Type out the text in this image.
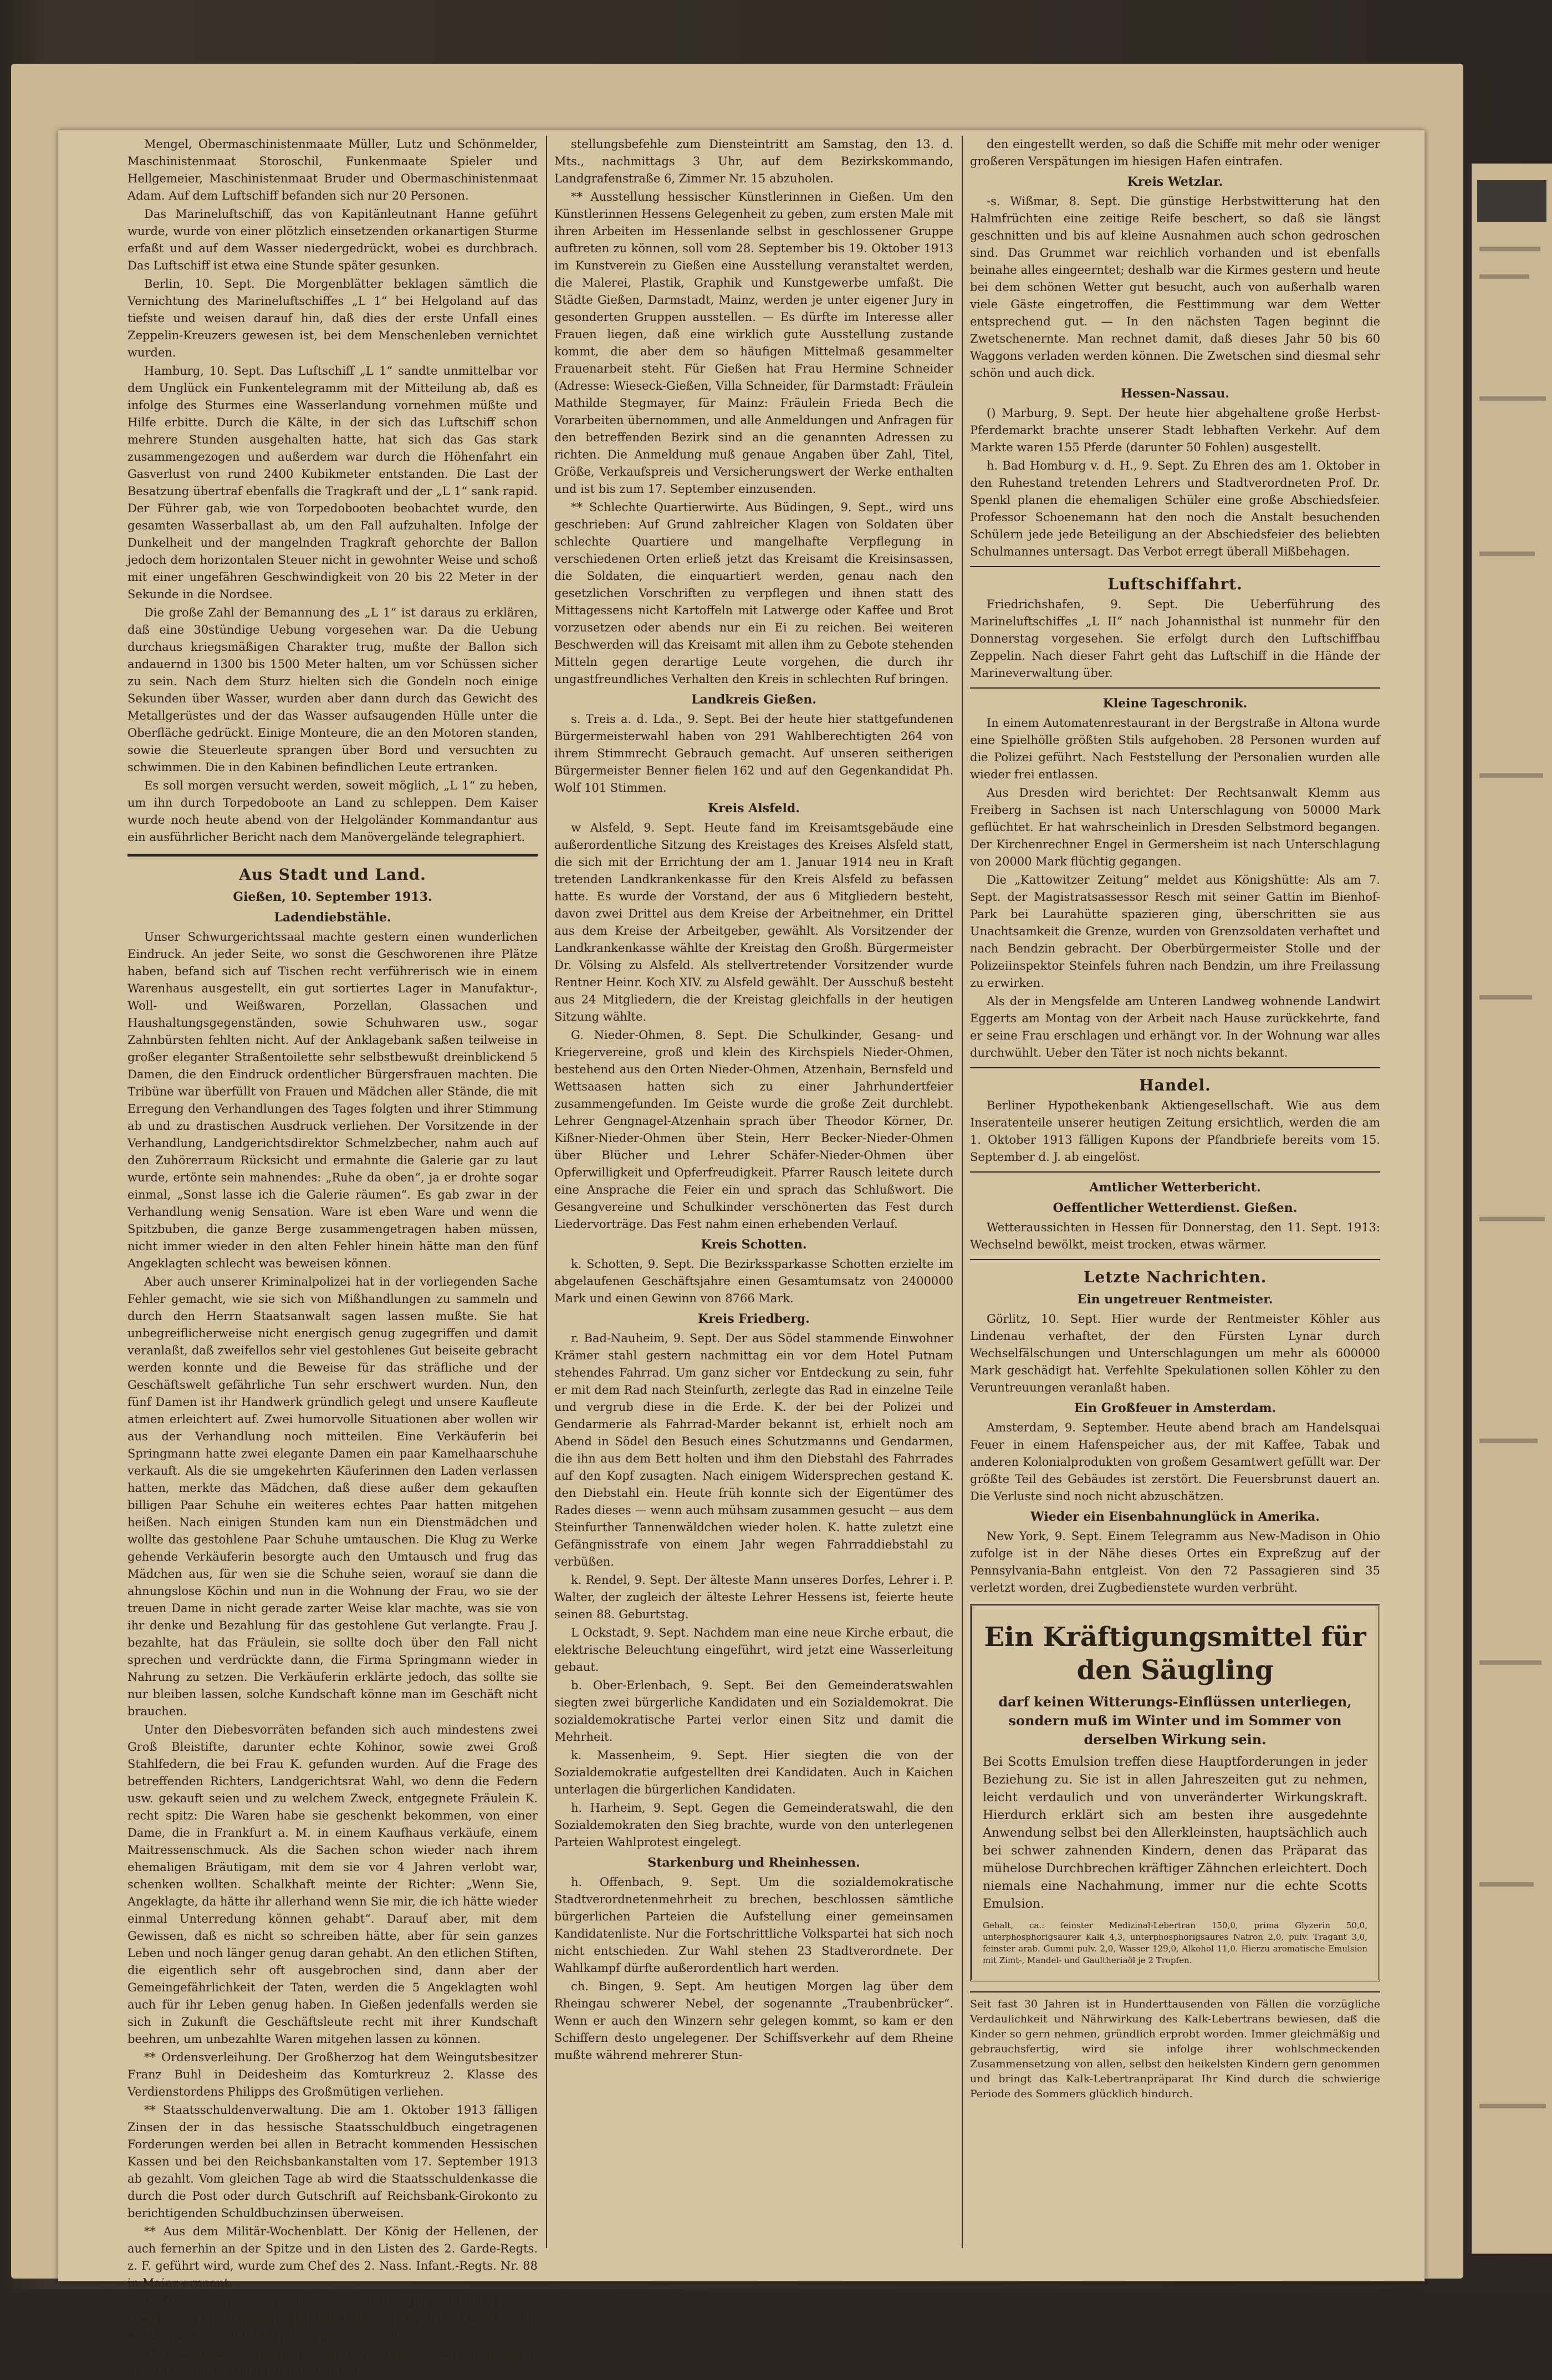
Mengel, Obermaschinistenmaate Müller, Lutz und Schönmelder, Maschinistenmaat Storoschil, Funkenmaate Spieler und Hellgemeier, Maschinistenmaat Bruder und Obermaschinistenmaat Adam. Auf dem Luftschiff befanden sich nur 20 Personen.

Das Marineluftschiff, das von Kapitänleutnant Hanne geführt wurde, wurde von einer plötzlich einsetzenden orkanartigen Sturme erfaßt und auf dem Wasser niedergedrückt, wobei es durchbrach. Das Luftschiff ist etwa eine Stunde später gesunken.

Berlin, 10. Sept. Die Morgenblätter beklagen sämtlich die Vernichtung des Marineluftschiffes „L 1“ bei Helgoland auf das tiefste und weisen darauf hin, daß dies der erste Unfall eines Zeppelin-Kreuzers gewesen ist, bei dem Menschenleben vernichtet wurden.

Hamburg, 10. Sept. Das Luftschiff „L 1“ sandte unmittelbar vor dem Unglück ein Funkentelegramm mit der Mitteilung ab, daß es infolge des Sturmes eine Wasserlandung vornehmen müßte und Hilfe erbitte. Durch die Kälte, in der sich das Luftschiff schon mehrere Stunden ausgehalten hatte, hat sich das Gas stark zusammengezogen und außerdem war durch die Höhenfahrt ein Gasverlust von rund 2400 Kubikmeter entstanden. Die Last der Besatzung übertraf ebenfalls die Tragkraft und der „L 1“ sank rapid. Der Führer gab, wie von Torpedobooten beobachtet wurde, den gesamten Wasserballast ab, um den Fall aufzuhalten. Infolge der Dunkelheit und der mangelnden Tragkraft gehorchte der Ballon jedoch dem horizontalen Steuer nicht in gewohnter Weise und schoß mit einer ungefähren Geschwindigkeit von 20 bis 22 Meter in der Sekunde in die Nordsee.

Die große Zahl der Bemannung des „L 1“ ist daraus zu erklären, daß eine 30stündige Uebung vorgesehen war. Da die Uebung durchaus kriegsmäßigen Charakter trug, mußte der Ballon sich andauernd in 1300 bis 1500 Meter halten, um vor Schüssen sicher zu sein. Nach dem Sturz hielten sich die Gondeln noch einige Sekunden über Wasser, wurden aber dann durch das Gewicht des Metallgerüstes und der das Wasser aufsaugenden Hülle unter die Oberfläche gedrückt. Einige Monteure, die an den Motoren standen, sowie die Steuerleute sprangen über Bord und versuchten zu schwimmen. Die in den Kabinen befindlichen Leute ertranken.

Es soll morgen versucht werden, soweit möglich, „L 1“ zu heben, um ihn durch Torpedoboote an Land zu schleppen. Dem Kaiser wurde noch heute abend von der Helgoländer Kommandantur aus ein ausführlicher Bericht nach dem Manövergelände telegraphiert.

Aus Stadt und Land.
Gießen, 10. September 1913.
Ladendiebstähle.

Unser Schwurgerichtssaal machte gestern einen wunderlichen Eindruck. An jeder Seite, wo sonst die Geschworenen ihre Plätze haben, befand sich auf Tischen recht verführerisch wie in einem Warenhaus ausgestellt, ein gut sortiertes Lager in Manufaktur-, Woll- und Weißwaren, Porzellan, Glassachen und Haushaltungsgegenständen, sowie Schuhwaren usw., sogar Zahnbürsten fehlten nicht. Auf der Anklagebank saßen teilweise in großer eleganter Straßentoilette sehr selbstbewußt dreinblickend 5 Damen, die den Eindruck ordentlicher Bürgersfrauen machten. Die Tribüne war überfüllt von Frauen und Mädchen aller Stände, die mit Erregung den Verhandlungen des Tages folgten und ihrer Stimmung ab und zu drastischen Ausdruck verliehen. Der Vorsitzende in der Verhandlung, Landgerichtsdirektor Schmelzbecher, nahm auch auf den Zuhörerraum Rücksicht und ermahnte die Galerie gar zu laut wurde, ertönte sein mahnendes: „Ruhe da oben“, ja er drohte sogar einmal, „Sonst lasse ich die Galerie räumen“. Es gab zwar in der Verhandlung wenig Sensation. Ware ist eben Ware und wenn die Spitzbuben, die ganze Berge zusammengetragen haben müssen, nicht immer wieder in den alten Fehler hinein hätte man den fünf Angeklagten schlecht was beweisen können.

Aber auch unserer Kriminalpolizei hat in der vorliegenden Sache Fehler gemacht, wie sie sich von Mißhandlungen zu sammeln und durch den Herrn Staatsanwalt sagen lassen mußte. Sie hat unbegreiflicherweise nicht energisch genug zugegriffen und damit veranlaßt, daß zweifellos sehr viel gestohlenes Gut beiseite gebracht werden konnte und die Beweise für das sträfliche und der Geschäftswelt gefährliche Tun sehr erschwert wurden. Nun, den fünf Damen ist ihr Handwerk gründlich gelegt und unsere Kaufleute atmen erleichtert auf. Zwei humorvolle Situationen aber wollen wir aus der Verhandlung noch mitteilen. Eine Verkäuferin bei Springmann hatte zwei elegante Damen ein paar Kamelhaarschuhe verkauft. Als die sie umgekehrten Käuferinnen den Laden verlassen hatten, merkte das Mädchen, daß diese außer dem gekauften billigen Paar Schuhe ein weiteres echtes Paar hatten mitgehen heißen. Nach einigen Stunden kam nun ein Dienstmädchen und wollte das gestohlene Paar Schuhe umtauschen. Die Klug zu Werke gehende Verkäuferin besorgte auch den Umtausch und frug das Mädchen aus, für wen sie die Schuhe seien, worauf sie dann die ahnungslose Köchin und nun in die Wohnung der Frau, wo sie der treuen Dame in nicht gerade zarter Weise klar machte, was sie von ihr denke und Bezahlung für das gestohlene Gut verlangte. Frau J. bezahlte, hat das Fräulein, sie sollte doch über den Fall nicht sprechen und verdrückte dann, die Firma Springmann wieder in Nahrung zu setzen. Die Verkäuferin erklärte jedoch, das sollte sie nur bleiben lassen, solche Kundschaft könne man im Geschäft nicht brauchen.

Unter den Diebesvorräten befanden sich auch mindestens zwei Groß Bleistifte, darunter echte Kohinor, sowie zwei Groß Stahlfedern, die bei Frau K. gefunden wurden. Auf die Frage des betreffenden Richters, Landgerichtsrat Wahl, wo denn die Federn usw. gekauft seien und zu welchem Zweck, entgegnete Fräulein K. recht spitz: Die Waren habe sie geschenkt bekommen, von einer Dame, die in Frankfurt a. M. in einem Kaufhaus verkäufe, einem Maitressenschmuck. Als die Sachen schon wieder nach ihrem ehemaligen Bräutigam, mit dem sie vor 4 Jahren verlobt war, schenken wollten. Schalkhaft meinte der Richter: „Wenn Sie, Angeklagte, da hätte ihr allerhand wenn Sie mir, die ich hätte wieder einmal Unterredung können gehabt“. Darauf aber, mit dem Gewissen, daß es nicht so schreiben hätte, aber für sein ganzes Leben und noch länger genug daran gehabt. An den etlichen Stiften, die eigentlich sehr oft ausgebrochen sind, dann aber der Gemeingefährlichkeit der Taten, werden die 5 Angeklagten wohl auch für ihr Leben genug haben. In Gießen jedenfalls werden sie sich in Zukunft die Geschäftsleute recht mit ihrer Kundschaft beehren, um unbezahlte Waren mitgehen lassen zu können.

** Ordensverleihung. Der Großherzog hat dem Weingutsbesitzer Franz Buhl in Deidesheim das Komturkreuz 2. Klasse des Verdienstordens Philipps des Großmütigen verliehen.

** Staatsschuldenverwaltung. Die am 1. Oktober 1913 fälligen Zinsen der in das hessische Staatsschuldbuch eingetragenen Forderungen werden bei allen in Betracht kommenden Hessischen Kassen und bei den Reichsbankanstalten vom 17. September 1913 ab gezahlt. Vom gleichen Tage ab wird die Staatsschuldenkasse die durch die Post oder durch Gutschrift auf Reichsbank-Girokonto zu berichtigenden Schuldbuchzinsen überweisen.

** Aus dem Militär-Wochenblatt. Der König der Hellenen, der auch fernerhin an der Spitze und in den Listen des 2. Garde-Regts. z. F. geführt wird, wurde zum Chef des 2. Nass. Infant.-Regts. Nr. 88 in Mainz ernannt.

** Die Kaisermanöver sollen im nächsten Jahre in der Provinz Oberhessen und den angrenzenden Gebieten abgehalten werden. Als Kaiserquartier soll Büdingen vorgesehen sein.

** Rekruteneinstellung. Die in der Stadt Gießen wohnenden Rekruten und Freiwilligen haben ihre Ge-

stellungsbefehle zum Diensteintritt am Samstag, den 13. d. Mts., nachmittags 3 Uhr, auf dem Bezirkskommando, Landgrafenstraße 6, Zimmer Nr. 15 abzuholen.

** Ausstellung hessischer Künstlerinnen in Gießen. Um den Künstlerinnen Hessens Gelegenheit zu geben, zum ersten Male mit ihren Arbeiten im Hessenlande selbst in geschlossener Gruppe auftreten zu können, soll vom 28. September bis 19. Oktober 1913 im Kunstverein zu Gießen eine Ausstellung veranstaltet werden, die Malerei, Plastik, Graphik und Kunstgewerbe umfaßt. Die Städte Gießen, Darmstadt, Mainz, werden je unter eigener Jury in gesonderten Gruppen ausstellen. — Es dürfte im Interesse aller Frauen liegen, daß eine wirklich gute Ausstellung zustande kommt, die aber dem so häufigen Mittelmaß gesammelter Frauenarbeit steht. Für Gießen hat Frau Hermine Schneider (Adresse: Wieseck-Gießen, Villa Schneider, für Darmstadt: Fräulein Mathilde Stegmayer, für Mainz: Fräulein Frieda Bech die Vorarbeiten übernommen, und alle Anmeldungen und Anfragen für den betreffenden Bezirk sind an die genannten Adressen zu richten. Die Anmeldung muß genaue Angaben über Zahl, Titel, Größe, Verkaufspreis und Versicherungswert der Werke enthalten und ist bis zum 17. September einzusenden.

** Schlechte Quartierwirte. Aus Büdingen, 9. Sept., wird uns geschrieben: Auf Grund zahlreicher Klagen von Soldaten über schlechte Quartiere und mangelhafte Verpflegung in verschiedenen Orten erließ jetzt das Kreisamt die Kreisinsassen, die Soldaten, die einquartiert werden, genau nach den gesetzlichen Vorschriften zu verpflegen und ihnen statt des Mittagessens nicht Kartoffeln mit Latwerge oder Kaffee und Brot vorzusetzen oder abends nur ein Ei zu reichen. Bei weiteren Beschwerden will das Kreisamt mit allen ihm zu Gebote stehenden Mitteln gegen derartige Leute vorgehen, die durch ihr ungastfreundliches Verhalten den Kreis in schlechten Ruf bringen.

Landkreis Gießen.

s. Treis a. d. Lda., 9. Sept. Bei der heute hier stattgefundenen Bürgermeisterwahl haben von 291 Wahlberechtigten 264 von ihrem Stimmrecht Gebrauch gemacht. Auf unseren seitherigen Bürgermeister Benner fielen 162 und auf den Gegenkandidat Ph. Wolf 101 Stimmen.

Kreis Alsfeld.

w Alsfeld, 9. Sept. Heute fand im Kreisamtsgebäude eine außerordentliche Sitzung des Kreistages des Kreises Alsfeld statt, die sich mit der Errichtung der am 1. Januar 1914 neu in Kraft tretenden Landkrankenkasse für den Kreis Alsfeld zu befassen hatte. Es wurde der Vorstand, der aus 6 Mitgliedern besteht, davon zwei Drittel aus dem Kreise der Arbeitnehmer, ein Drittel aus dem Kreise der Arbeitgeber, gewählt. Als Vorsitzender der Landkrankenkasse wählte der Kreistag den Großh. Bürgermeister Dr. Völsing zu Alsfeld. Als stellvertretender Vorsitzender wurde Rentner Heinr. Koch XIV. zu Alsfeld gewählt. Der Ausschuß besteht aus 24 Mitgliedern, die der Kreistag gleichfalls in der heutigen Sitzung wählte.

G. Nieder-Ohmen, 8. Sept. Die Schulkinder, Gesang- und Kriegervereine, groß und klein des Kirchspiels Nieder-Ohmen, bestehend aus den Orten Nieder-Ohmen, Atzenhain, Bernsfeld und Wettsaasen hatten sich zu einer Jahrhundertfeier zusammengefunden. Im Geiste wurde die große Zeit durchlebt. Lehrer Gengnagel-Atzenhain sprach über Theodor Körner, Dr. Kißner-Nieder-Ohmen über Stein, Herr Becker-Nieder-Ohmen über Blücher und Lehrer Schäfer-Nieder-Ohmen über Opferwilligkeit und Opferfreudigkeit. Pfarrer Rausch leitete durch eine Ansprache die Feier ein und sprach das Schlußwort. Die Gesangvereine und Schulkinder verschönerten das Fest durch Liedervorträge. Das Fest nahm einen erhebenden Verlauf.

Kreis Schotten.

k. Schotten, 9. Sept. Die Bezirkssparkasse Schotten erzielte im abgelaufenen Geschäftsjahre einen Gesamtumsatz von 2400000 Mark und einen Gewinn von 8766 Mark.

Kreis Friedberg.

r. Bad-Nauheim, 9. Sept. Der aus Södel stammende Einwohner Krämer stahl gestern nachmittag ein vor dem Hotel Putnam stehendes Fahrrad. Um ganz sicher vor Entdeckung zu sein, fuhr er mit dem Rad nach Steinfurth, zerlegte das Rad in einzelne Teile und vergrub diese in die Erde. K. der bei der Polizei und Gendarmerie als Fahrrad-Marder bekannt ist, erhielt noch am Abend in Södel den Besuch eines Schutzmanns und Gendarmen, die ihn aus dem Bett holten und ihm den Diebstahl des Fahrrades auf den Kopf zusagten. Nach einigem Widersprechen gestand K. den Diebstahl ein. Heute früh konnte sich der Eigentümer des Rades dieses — wenn auch mühsam zusammen gesucht — aus dem Steinfurther Tannenwäldchen wieder holen. K. hatte zuletzt eine Gefängnisstrafe von einem Jahr wegen Fahrraddiebstahl zu verbüßen.

k. Rendel, 9. Sept. Der älteste Mann unseres Dorfes, Lehrer i. P. Walter, der zugleich der älteste Lehrer Hessens ist, feierte heute seinen 88. Geburtstag.

L Ockstadt, 9. Sept. Nachdem man eine neue Kirche erbaut, die elektrische Beleuchtung eingeführt, wird jetzt eine Wasserleitung gebaut.

b. Ober-Erlenbach, 9. Sept. Bei den Gemeinderatswahlen siegten zwei bürgerliche Kandidaten und ein Sozialdemokrat. Die sozialdemokratische Partei verlor einen Sitz und damit die Mehrheit.

k. Massenheim, 9. Sept. Hier siegten die von der Sozialdemokratie aufgestellten drei Kandidaten. Auch in Kaichen unterlagen die bürgerlichen Kandidaten.

h. Harheim, 9. Sept. Gegen die Gemeinderatswahl, die den Sozialdemokraten den Sieg brachte, wurde von den unterlegenen Parteien Wahlprotest eingelegt.

Starkenburg und Rheinhessen.

h. Offenbach, 9. Sept. Um die sozialdemokratische Stadtverordnetenmehrheit zu brechen, beschlossen sämtliche bürgerlichen Parteien die Aufstellung einer gemeinsamen Kandidatenliste. Nur die Fortschrittliche Volkspartei hat sich noch nicht entschieden. Zur Wahl stehen 23 Stadtverordnete. Der Wahlkampf dürfte außerordentlich hart werden.

ch. Bingen, 9. Sept. Am heutigen Morgen lag über dem Rheingau schwerer Nebel, der sogenannte „Traubenbrücker“. Wenn er auch den Winzern sehr gelegen kommt, so kam er den Schiffern desto ungelegener. Der Schiffsverkehr auf dem Rheine mußte während mehrerer Stun-

den eingestellt werden, so daß die Schiffe mit mehr oder weniger großeren Verspätungen im hiesigen Hafen eintrafen.

Kreis Wetzlar.

-s. Wißmar, 8. Sept. Die günstige Herbstwitterung hat den Halmfrüchten eine zeitige Reife beschert, so daß sie längst geschnitten und bis auf kleine Ausnahmen auch schon gedroschen sind. Das Grummet war reichlich vorhanden und ist ebenfalls beinahe alles eingeerntet; deshalb war die Kirmes gestern und heute bei dem schönen Wetter gut besucht, auch von außerhalb waren viele Gäste eingetroffen, die Festtimmung war dem Wetter entsprechend gut. — In den nächsten Tagen beginnt die Zwetschenernte. Man rechnet damit, daß dieses Jahr 50 bis 60 Waggons verladen werden können. Die Zwetschen sind diesmal sehr schön und auch dick.

Hessen-Nassau.

() Marburg, 9. Sept. Der heute hier abgehaltene große Herbst-Pferdemarkt brachte unserer Stadt lebhaften Verkehr. Auf dem Markte waren 155 Pferde (darunter 50 Fohlen) ausgestellt.

h. Bad Homburg v. d. H., 9. Sept. Zu Ehren des am 1. Oktober in den Ruhestand tretenden Lehrers und Stadtverordneten Prof. Dr. Spenkl planen die ehemaligen Schüler eine große Abschiedsfeier. Professor Schoenemann hat den noch die Anstalt besuchenden Schülern jede jede Beteiligung an der Abschiedsfeier des beliebten Schulmannes untersagt. Das Verbot erregt überall Mißbehagen.

Luftschiffahrt.

Friedrichshafen, 9. Sept. Die Ueberführung des Marineluftschiffes „L II“ nach Johannisthal ist nunmehr für den Donnerstag vorgesehen. Sie erfolgt durch den Luftschiffbau Zeppelin. Nach dieser Fahrt geht das Luftschiff in die Hände der Marineverwaltung über.

Kleine Tageschronik.

In einem Automatenrestaurant in der Bergstraße in Altona wurde eine Spielhölle größten Stils aufgehoben. 28 Personen wurden auf die Polizei geführt. Nach Feststellung der Personalien wurden alle wieder frei entlassen.

Aus Dresden wird berichtet: Der Rechtsanwalt Klemm aus Freiberg in Sachsen ist nach Unterschlagung von 50000 Mark geflüchtet. Er hat wahrscheinlich in Dresden Selbstmord begangen. Der Kirchenrechner Engel in Germersheim ist nach Unterschlagung von 20000 Mark flüchtig gegangen.

Die „Kattowitzer Zeitung“ meldet aus Königshütte: Als am 7. Sept. der Magistratsassessor Resch mit seiner Gattin im Bienhof-Park bei Laurahütte spazieren ging, überschritten sie aus Unachtsamkeit die Grenze, wurden von Grenzsoldaten verhaftet und nach Bendzin gebracht. Der Oberbürgermeister Stolle und der Polizeiinspektor Steinfels fuhren nach Bendzin, um ihre Freilassung zu erwirken.

Als der in Mengsfelde am Unteren Landweg wohnende Landwirt Eggerts am Montag von der Arbeit nach Hause zurückkehrte, fand er seine Frau erschlagen und erhängt vor. In der Wohnung war alles durchwühlt. Ueber den Täter ist noch nichts bekannt.

Handel.

Berliner Hypothekenbank Aktiengesellschaft. Wie aus dem Inseratenteile unserer heutigen Zeitung ersichtlich, werden die am 1. Oktober 1913 fälligen Kupons der Pfandbriefe bereits vom 15. September d. J. ab eingelöst.

Amtlicher Wetterbericht.
Oeffentlicher Wetterdienst. Gießen.

Wetteraussichten in Hessen für Donnerstag, den 11. Sept. 1913: Wechselnd bewölkt, meist trocken, etwas wärmer.

Letzte Nachrichten.
Ein ungetreuer Rentmeister.

Görlitz, 10. Sept. Hier wurde der Rentmeister Köhler aus Lindenau verhaftet, der den Fürsten Lynar durch Wechselfälschungen und Unterschlagungen um mehr als 600000 Mark geschädigt hat. Verfehlte Spekulationen sollen Köhler zu den Veruntreuungen veranlaßt haben.

Ein Großfeuer in Amsterdam.

Amsterdam, 9. September. Heute abend brach am Handelsquai Feuer in einem Hafenspeicher aus, der mit Kaffee, Tabak und anderen Kolonialprodukten von großem Gesamtwert gefüllt war. Der größte Teil des Gebäudes ist zerstört. Die Feuersbrunst dauert an. Die Verluste sind noch nicht abzuschätzen.

Wieder ein Eisenbahnunglück in Amerika.

New York, 9. Sept. Einem Telegramm aus New-Madison in Ohio zufolge ist in der Nähe dieses Ortes ein Expreßzug auf der Pennsylvania-Bahn entgleist. Von den 72 Passagieren sind 35 verletzt worden, drei Zugbedienstete wurden verbrüht.

Ein Kräftigungsmittel für den Säugling
darf keinen Witterungs-Einflüssen unterliegen, sondern muß im Winter und im Sommer von derselben Wirkung sein.
Bei Scotts Emulsion treffen diese Hauptforderungen in jeder Beziehung zu. Sie ist in allen Jahreszeiten gut zu nehmen, leicht verdaulich und von unveränderter Wirkungskraft. Hierdurch erklärt sich am besten ihre ausgedehnte Anwendung selbst bei den Allerkleinsten, hauptsächlich auch bei schwer zahnenden Kindern, denen das Präparat das mühelose Durchbrechen kräftiger Zähnchen erleichtert. Doch niemals eine Nachahmung, immer nur die echte Scotts Emulsion.
Gehalt, ca.: feinster Medizinal-Lebertran 150,0, prima Glyzerin 50,0, unterphosphorigsaurer Kalk 4,3, unterphosphorigsaures Natron 2,0, pulv. Tragant 3,0, feinster arab. Gummi pulv. 2,0, Wasser 129,0, Alkohol 11,0. Hierzu aromatische Emulsion mit Zimt-, Mandel- und Gaultheriaöl je 2 Tropfen.
Seit fast 30 Jahren ist in Hunderttausenden von Fällen die vorzügliche Verdaulichkeit und Nährwirkung des Kalk-Lebertrans bewiesen, daß die Kinder so gern nehmen, gründlich erprobt worden. Immer gleichmäßig und gebrauchsfertig, wird sie infolge ihrer wohlschmeckenden Zusammensetzung von allen, selbst den heikelsten Kindern gern genommen und bringt das Kalk-Lebertranpräparat Ihr Kind durch die schwierige Periode des Sommers glücklich hindurch.
